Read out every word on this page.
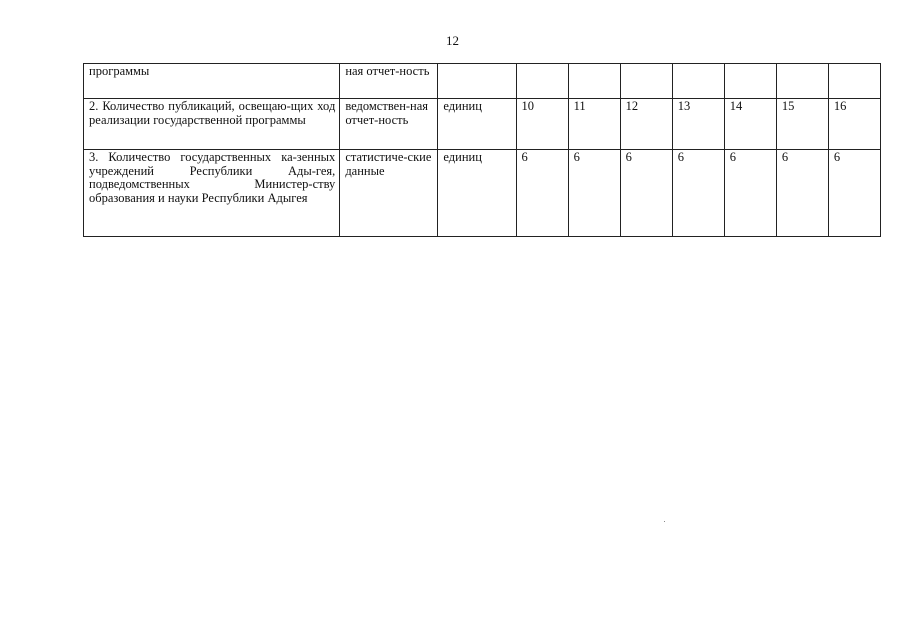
12
программы	ная отчет-ность								
2. Количество публикаций, освещаю-щих ход реализации государственной программы	ведомствен-ная отчет-ность	единиц	10	11	12	13	14	15	16
3. Количество государственных ка-зенных учреждений Республики Ады-гея, подведомственных Министер-ству образования и науки Республики Адыгея	статистиче-ские данные	единиц	6	6	6	6	6	6	6
